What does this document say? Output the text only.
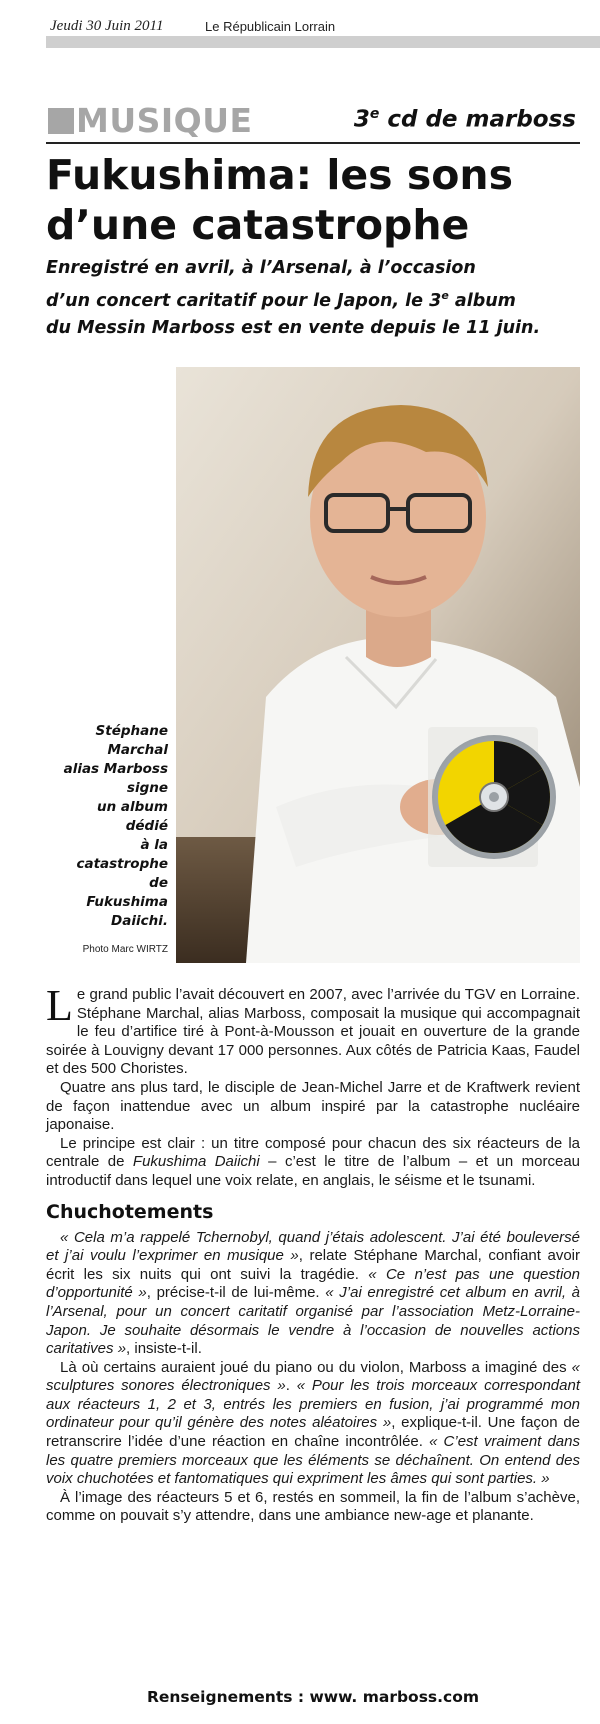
Jeudi 30 Juin 2011	Le Républicain Lorrain
MUSIQUE	3e cd de marboss
Fukushima: les sons
d’une catastrophe

Enregistré en avril, à l’Arsenal, à l’occasion
d’un concert caritatif pour le Japon, le 3e album
du Messin Marboss est en vente depuis le 11 juin.

Stéphane
Marchal
alias Marboss
signe
un album
dédié
à la
catastrophe
de
Fukushima
Daiichi.

Photo Marc WIRTZ

Le grand public l’avait découvert en 2007, avec l’arrivée du TGV en Lorraine. Stéphane Marchal, alias Marboss, composait la musique qui accompagnait le feu d’artifice tiré à Pont-à-Mousson et jouait en ouverture de la grande soirée à Louvigny devant 17 000 personnes. Aux côtés de Patricia Kaas, Faudel et des 500 Choristes.

Quatre ans plus tard, le disciple de Jean-Michel Jarre et de Kraftwerk revient de façon inattendue avec un album inspiré par la catastrophe nucléaire japonaise.

Le principe est clair : un titre composé pour chacun des six réacteurs de la centrale de Fukushima Daiichi – c’est le titre de l’album – et un morceau introductif dans lequel une voix relate, en anglais, le séisme et le tsunami.

Chuchotements

« Cela m’a rappelé Tchernobyl, quand j’étais adolescent. J’ai été bouleversé et j’ai voulu l’exprimer en musique », relate Stéphane Marchal, confiant avoir écrit les six nuits qui ont suivi la tragédie. « Ce n’est pas une question d’opportunité », précise-t-il de lui-même. « J’ai enregistré cet album en avril, à l’Arsenal, pour un concert caritatif organisé par l’association Metz-Lorraine-Japon. Je souhaite désormais le vendre à l’occasion de nouvelles actions caritatives », insiste-t-il.

Là où certains auraient joué du piano ou du violon, Marboss a imaginé des « sculptures sonores électroniques ». « Pour les trois morceaux correspondant aux réacteurs 1, 2 et 3, entrés les premiers en fusion, j’ai programmé mon ordinateur pour qu’il génère des notes aléatoires », explique-t-il. Une façon de retranscrire l’idée d’une réaction en chaîne incontrôlée. « C’est vraiment dans les quatre premiers morceaux que les éléments se déchaînent. On entend des voix chuchotées et fantomatiques qui expriment les âmes qui sont parties. »

À l’image des réacteurs 5 et 6, restés en sommeil, la fin de l’album s’achève, comme on pouvait s’y attendre, dans une ambiance new-age et planante.

Renseignements : www. marboss.com
